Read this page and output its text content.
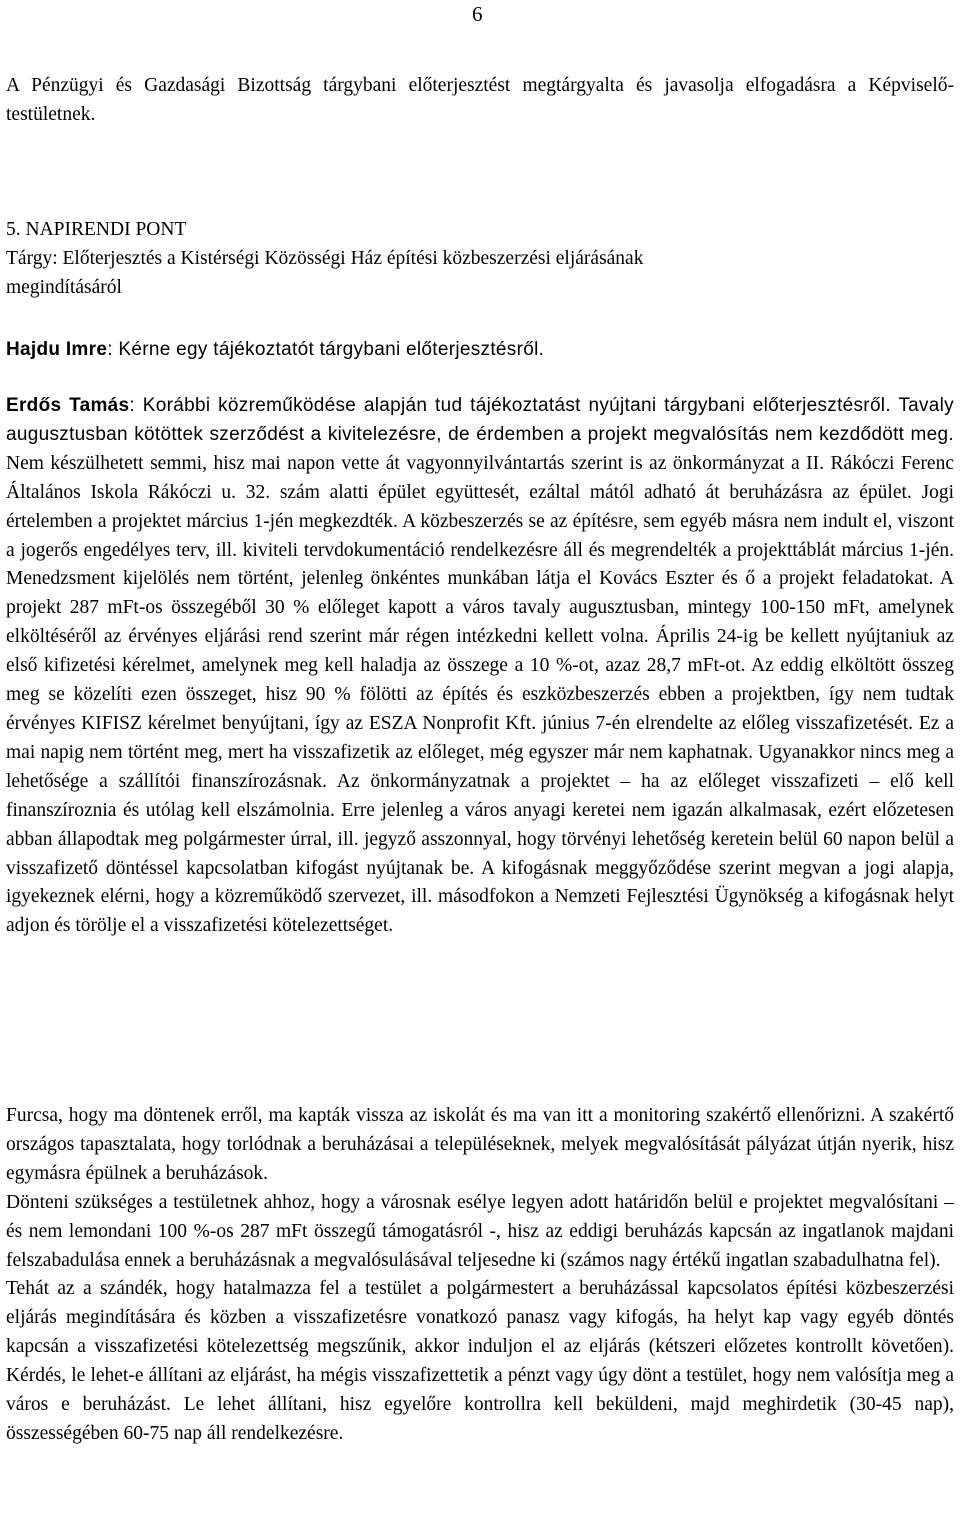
6

A Pénzügyi és Gazdasági Bizottság tárgybani előterjesztést megtárgyalta és javasolja elfogadásra a Képviselő-testületnek.

5. NAPIRENDI PONT
Tárgy: Előterjesztés a Kistérségi Közösségi Ház építési közbeszerzési eljárásának
megindításáról
Hajdu Imre: Kérne egy tájékoztatót tárgybani előterjesztésről.

Erdős Tamás: Korábbi közreműködése alapján tud tájékoztatást nyújtani tárgybani előterjesztésről. Tavaly augusztusban kötöttek szerződést a kivitelezésre, de érdemben a projekt megvalósítás nem kezdődött meg. Nem készülhetett semmi, hisz mai napon vette át vagyonnyilvántartás szerint is az önkormányzat a II. Rákóczi Ferenc Általános Iskola Rákóczi u. 32. szám alatti épület együttesét, ezáltal mától adható át beruházásra az épület. Jogi értelemben a projektet március 1-jén megkezdték. A közbeszerzés se az építésre, sem egyéb másra nem indult el, viszont a jogerős engedélyes terv, ill. kiviteli tervdokumentáció rendelkezésre áll és megrendelték a projekttáblát március 1-jén. Menedzsment kijelölés nem történt, jelenleg önkéntes munkában látja el Kovács Eszter és ő a projekt feladatokat. A projekt 287 mFt-os összegéből 30 % előleget kapott a város tavaly augusztusban, mintegy 100-150 mFt, amelynek elköltéséről az érvényes eljárási rend szerint már régen intézkedni kellett volna. Április 24-ig be kellett nyújtaniuk az első kifizetési kérelmet, amelynek meg kell haladja az összege a 10 %-ot, azaz 28,7 mFt-ot. Az eddig elköltött összeg meg se közelíti ezen összeget, hisz 90 % fölötti az építés és eszközbeszerzés ebben a projektben, így nem tudtak érvényes KIFISZ kérelmet benyújtani, így az ESZA Nonprofit Kft. június 7-én elrendelte az előleg visszafizetését. Ez a mai napig nem történt meg, mert ha visszafizetik az előleget, még egyszer már nem kaphatnak. Ugyanakkor nincs meg a lehetősége a szállítói finanszírozásnak. Az önkormányzatnak a projektet – ha az előleget visszafizeti – elő kell finanszíroznia és utólag kell elszámolnia. Erre jelenleg a város anyagi keretei nem igazán alkalmasak, ezért előzetesen abban állapodtak meg polgármester úrral, ill. jegyző asszonnyal, hogy törvényi lehetőség keretein belül 60 napon belül a visszafizető döntéssel kapcsolatban kifogást nyújtanak be. A kifogásnak meggyőződése szerint megvan a jogi alapja, igyekeznek elérni, hogy a közreműködő szervezet, ill. másodfokon a Nemzeti Fejlesztési Ügynökség a kifogásnak helyt adjon és törölje el a visszafizetési kötelezettséget.

Furcsa, hogy ma döntenek erről, ma kapták vissza az iskolát és ma van itt a monitoring szakértő ellenőrizni. A szakértő országos tapasztalata, hogy torlódnak a beruházásai a településeknek, melyek megvalósítását pályázat útján nyerik, hisz egymásra épülnek a beruházások.

Dönteni szükséges a testületnek ahhoz, hogy a városnak esélye legyen adott határidőn belül e projektet megvalósítani – és nem lemondani 100 %-os 287 mFt összegű támogatásról -, hisz az eddigi beruházás kapcsán az ingatlanok majdani felszabadulása ennek a beruházásnak a megvalósulásával teljesedne ki (számos nagy értékű ingatlan szabadulhatna fel).

Tehát az a szándék, hogy hatalmazza fel a testület a polgármestert a beruházással kapcsolatos építési közbeszerzési eljárás megindítására és közben a visszafizetésre vonatkozó panasz vagy kifogás, ha helyt kap vagy egyéb döntés kapcsán a visszafizetési kötelezettség megszűnik, akkor induljon el az eljárás (kétszeri előzetes kontrollt követően). Kérdés, le lehet-e állítani az eljárást, ha mégis visszafizettetik a pénzt vagy úgy dönt a testület, hogy nem valósítja meg a város e beruházást. Le lehet állítani, hisz egyelőre kontrollra kell beküldeni, majd meghirdetik (30-45 nap), összességében 60-75 nap áll rendelkezésre.
